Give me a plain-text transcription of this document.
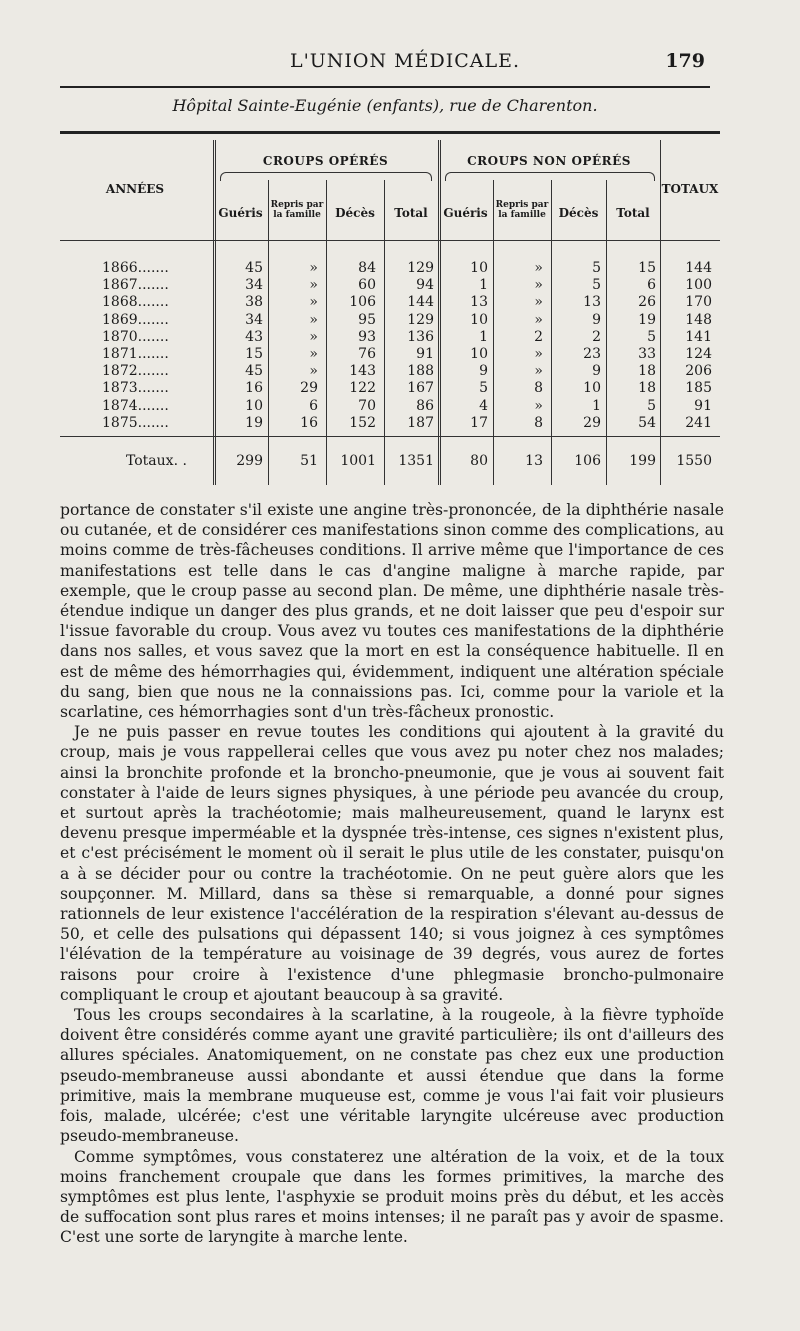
L'UNION MÉDICALE.	179
Hôpital Sainte-Eugénie (enfants), rue de Charenton.
CROUPS OPÉRÉS	CROUPS NON OPÉRÉS
ANNÉES	TOTAUX
Guéris
Repris par
la famille	Décès	Total	Guéris
Repris par
la famille	Décès	Total
1866.......	45	»	84	129	10	»	5	15	144
1867.......	34	»	60	94	1	»	5	6	100
1868.......	38	»	106	144	13	»	13	26	170
1869.......	34	»	95	129	10	»	9	19	148
1870.......	43	»	93	136	1	2	2	5	141
1871.......	15	»	76	91	10	»	23	33	124
1872.......	45	»	143	188	9	»	9	18	206
1873.......	16	29	122	167	5	8	10	18	185
1874.......	10	6	70	86	4	»	1	5	91
1875.......	19	16	152	187	17	8	29	54	241
Totaux. .	299	51	1001	1351	80	13	106	199	1550

portance de constater s'il existe une angine très-prononcée, de la diphthérie nasale ou cutanée, et de considérer ces manifestations sinon comme des complications, au moins comme de très-fâcheuses conditions. Il arrive même que l'importance de ces manifestations est telle dans le cas d'angine maligne à marche rapide, par exemple, que le croup passe au second plan. De même, une diphthérie nasale très-étendue indique un danger des plus grands, et ne doit laisser que peu d'espoir sur l'issue favorable du croup. Vous avez vu toutes ces manifestations de la diphthérie dans nos salles, et vous savez que la mort en est la conséquence habituelle. Il en est de même des hémorrhagies qui, évidemment, indiquent une altération spéciale du sang, bien que nous ne la connaissions pas. Ici, comme pour la variole et la scarlatine, ces hémorrhagies sont d'un très-fâcheux pronostic.

Je ne puis passer en revue toutes les conditions qui ajoutent à la gravité du croup, mais je vous rappellerai celles que vous avez pu noter chez nos malades; ainsi la bronchite profonde et la broncho-pneumonie, que je vous ai souvent fait constater à l'aide de leurs signes physiques, à une période peu avancée du croup, et surtout après la trachéotomie; mais malheureusement, quand le larynx est devenu presque imperméable et la dyspnée très-intense, ces signes n'existent plus, et c'est précisément le moment où il serait le plus utile de les constater, puisqu'on a à se décider pour ou contre la trachéotomie. On ne peut guère alors que les soupçonner. M. Millard, dans sa thèse si remarquable, a donné pour signes rationnels de leur existence l'accélération de la respiration s'élevant au-dessus de 50, et celle des pulsations qui dépassent 140; si vous joignez à ces symptômes l'élévation de la température au voisinage de 39 degrés, vous aurez de fortes raisons pour croire à l'existence d'une phlegmasie broncho-pulmonaire compliquant le croup et ajoutant beaucoup à sa gravité.

Tous les croups secondaires à la scarlatine, à la rougeole, à la fièvre typhoïde doivent être considérés comme ayant une gravité particulière; ils ont d'ailleurs des allures spéciales. Anatomiquement, on ne constate pas chez eux une production pseudo-membraneuse aussi abondante et aussi étendue que dans la forme primitive, mais la membrane muqueuse est, comme je vous l'ai fait voir plusieurs fois, malade, ulcérée; c'est une véritable laryngite ulcéreuse avec production pseudo-membraneuse.

Comme symptômes, vous constaterez une altération de la voix, et de la toux moins franchement croupale que dans les formes primitives, la marche des symptômes est plus lente, l'asphyxie se produit moins près du début, et les accès de suffocation sont plus rares et moins intenses; il ne paraît pas y avoir de spasme. C'est une sorte de laryngite à marche lente.
